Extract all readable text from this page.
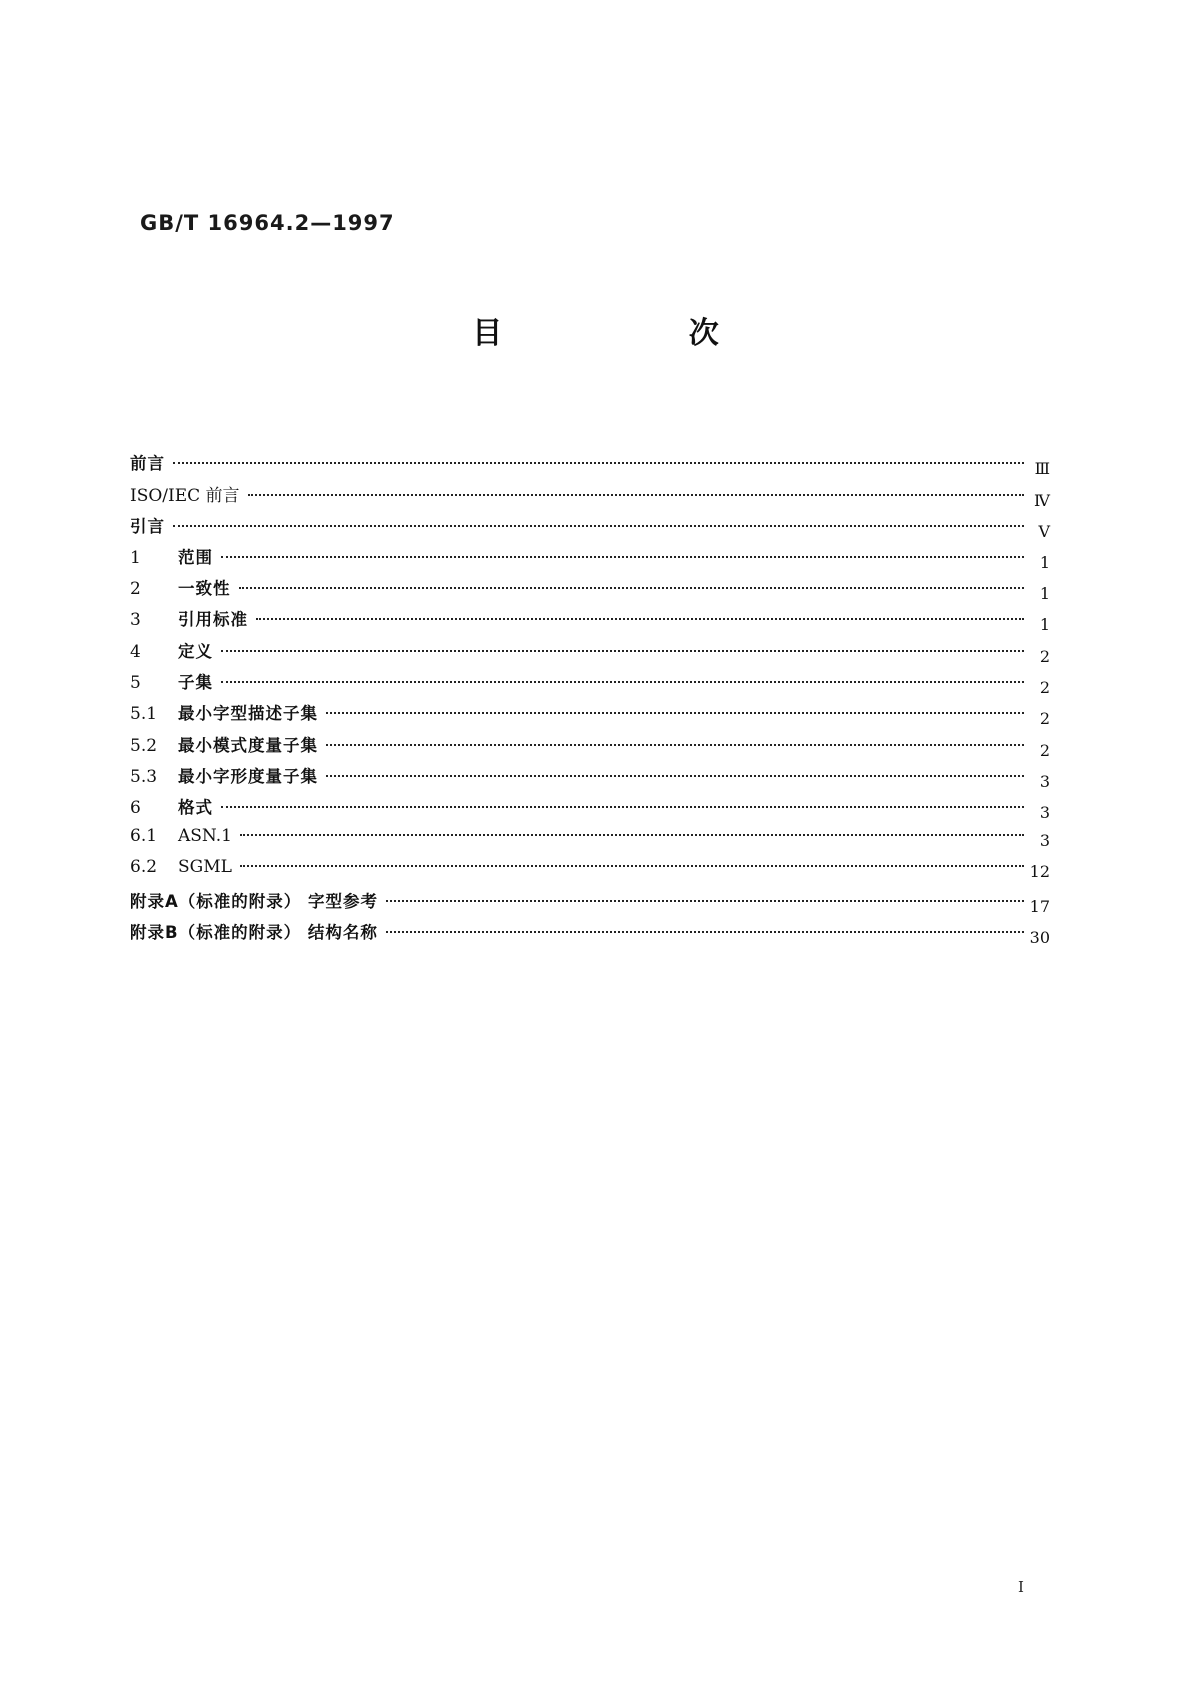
GB/T 16964.2—1997
目 次
前言	Ⅲ
ISO/IEC 前言	Ⅳ
引言	Ⅴ
1	范围	1
2	一致性	1
3	引用标准	1
4	定义	2
5	子集	2
5.1	最小字型描述子集	2
5.2	最小模式度量子集	2
5.3	最小字形度量子集	3
6	格式	3
6.1	ASN.1	3
6.2	SGML	12
附录A（标准的附录） 字型参考	17
附录B（标准的附录） 结构名称	30
I
